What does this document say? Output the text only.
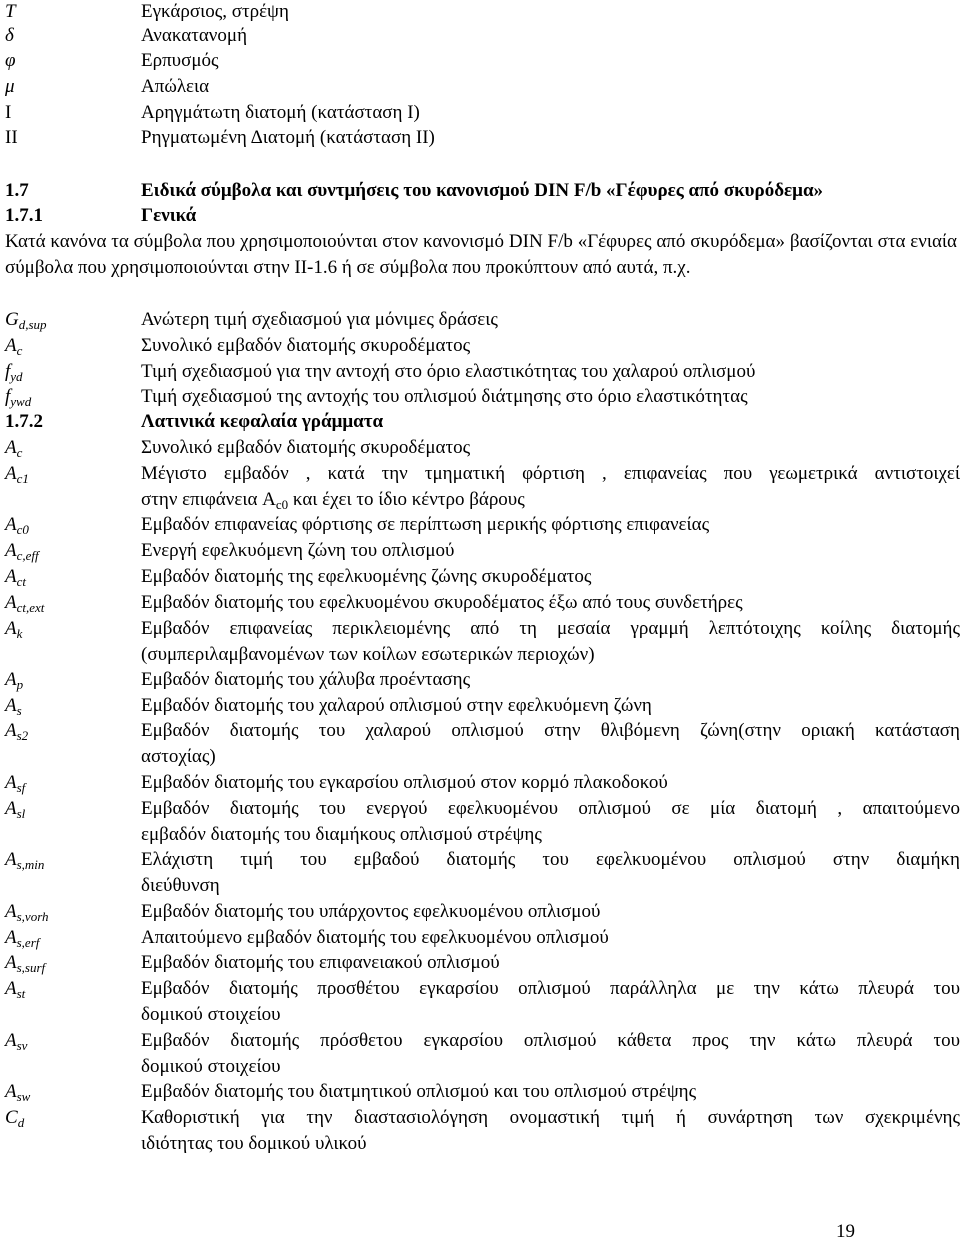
T	Εγκάρσιος, στρέψη
δ	Ανακατανομή
φ	Ερπυσμός
μ	Απώλεια
I	Αρηγμάτωτη διατομή (κατάσταση I)
II	Ρηγματωμένη Διατομή (κατάσταση II)
1.7	Ειδικά σύμβολα και συντμήσεις του κανονισμού DIN F/b «Γέφυρες από σκυρόδεμα»
1.7.1	Γενικά
Κατά κανόνα τα σύμβολα που χρησιμοποιούνται στον κανονισμό DIN F/b «Γέφυρες από σκυρόδεμα» βασίζονται στα ενιαία σύμβολα που χρησιμοποιούνται στην ΙΙ-1.6 ή σε σύμβολα που προκύπτουν από αυτά, π.χ.
$G_{d,sup}$	Ανώτερη τιμή σχεδιασμού για μόνιμες δράσεις
$A_c$	Συνολικό εμβαδόν διατομής σκυροδέματος
$f_{yd}$	Τιμή σχεδιασμού για την αντοχή στο όριο ελαστικότητας του χαλαρού οπλισμού
$f_{ywd}$	Τιμή σχεδιασμού της αντοχής του οπλισμού διάτμησης στο όριο ελαστικότητας
1.7.2	Λατινικά κεφαλαία γράμματα
$A_c$	Συνολικό εμβαδόν διατομής σκυροδέματος
$A_{c1}$	Μέγιστο εμβαδόν , κατά την τμηματική φόρτιση , επιφανείας που γεωμετρικά αντιστοιχεί
στην επιφάνεια $A_{c0}$ και έχει το ίδιο κέντρο βάρους
$A_{c0}$	Εμβαδόν επιφανείας φόρτισης σε περίπτωση μερικής φόρτισης επιφανείας
$A_{c,eff}$	Ενεργή εφελκυόμενη ζώνη του οπλισμού
$A_{ct}$	Εμβαδόν διατομής της εφελκυομένης ζώνης σκυροδέματος
$A_{ct,ext}$	Εμβαδόν διατομής του εφελκυομένου σκυροδέματος έξω από τους συνδετήρες
$A_k$	Εμβαδόν επιφανείας περικλειομένης από τη μεσαία γραμμή λεπτότοιχης κοίλης διατομής
(συμπεριλαμβανομένων των κοίλων εσωτερικών περιοχών)
$A_p$	Εμβαδόν διατομής του χάλυβα προέντασης
$A_s$	Εμβαδόν διατομής του χαλαρού οπλισμού στην εφελκυόμενη ζώνη
$A_{s2}$	Εμβαδόν διατομής του χαλαρού οπλισμού στην θλιβόμενη ζώνη(στην οριακή κατάσταση
αστοχίας)
$A_{sf}$	Εμβαδόν διατομής του εγκαρσίου οπλισμού στον κορμό πλακοδοκού
$A_{sl}$	Εμβαδόν διατομής του ενεργού εφελκυομένου οπλισμού σε μία διατομή , απαιτούμενο
εμβαδόν διατομής του διαμήκους οπλισμού στρέψης
$A_{s,min}$	Ελάχιστη τιμή του εμβαδού διατομής του εφελκυομένου οπλισμού στην διαμήκη
διεύθυνση
$A_{s,vorh}$	Εμβαδόν διατομής του υπάρχοντος εφελκυομένου οπλισμού
$A_{s,erf}$	Απαιτούμενο εμβαδόν διατομής του εφελκυομένου οπλισμού
$A_{s,surf}$	Εμβαδόν διατομής του επιφανειακού οπλισμού
$A_{st}$	Εμβαδόν διατομής προσθέτου εγκαρσίου οπλισμού παράλληλα με την κάτω πλευρά του
δομικού στοιχείου
$A_{sv}$	Εμβαδόν διατομής πρόσθετου εγκαρσίου οπλισμού κάθετα προς την κάτω πλευρά του
δομικού στοιχείου
$A_{sw}$	Εμβαδόν διατομής του διατμητικού οπλισμού και του οπλισμού στρέψης
$C_d$	Καθοριστική για την διαστασιολόγηση ονομαστική τιμή ή συνάρτηση των σχεκριμένης
ιδιότητας του δομικού υλικού
19
